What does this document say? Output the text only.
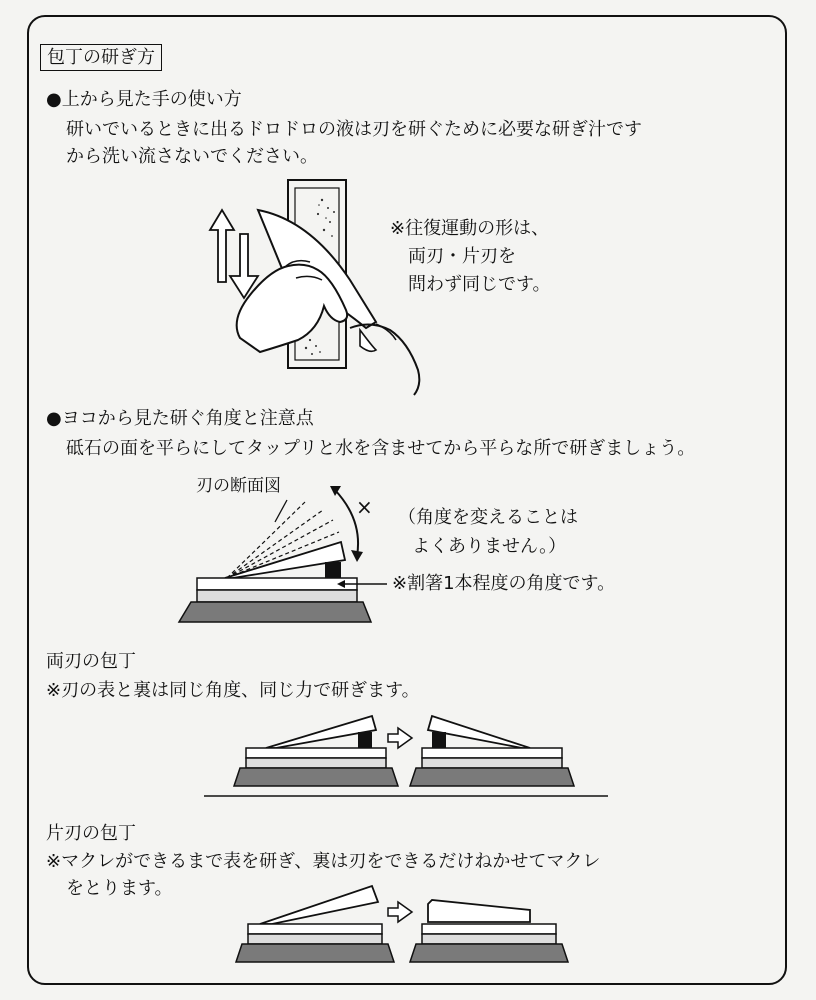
包丁の研ぎ方
●上から見た手の使い方
研いでいるときに出るドロドロの液は刃を研ぐために必要な研ぎ汁です
から洗い流さないでください。
※往復運動の形は、
両刃・片刃を
問わず同じです。
●ヨコから見た研ぐ角度と注意点
砥石の面を平らにしてタップリと水を含ませてから平らな所で研ぎましょう。
刃の断面図
× （角度を変えることは
よくありません。）
※割箸1本程度の角度です。
両刃の包丁
※刃の表と裏は同じ角度、同じ力で研ぎます。
片刃の包丁
※マクレができるまで表を研ぎ、裏は刃をできるだけねかせてマクレ
をとります。
